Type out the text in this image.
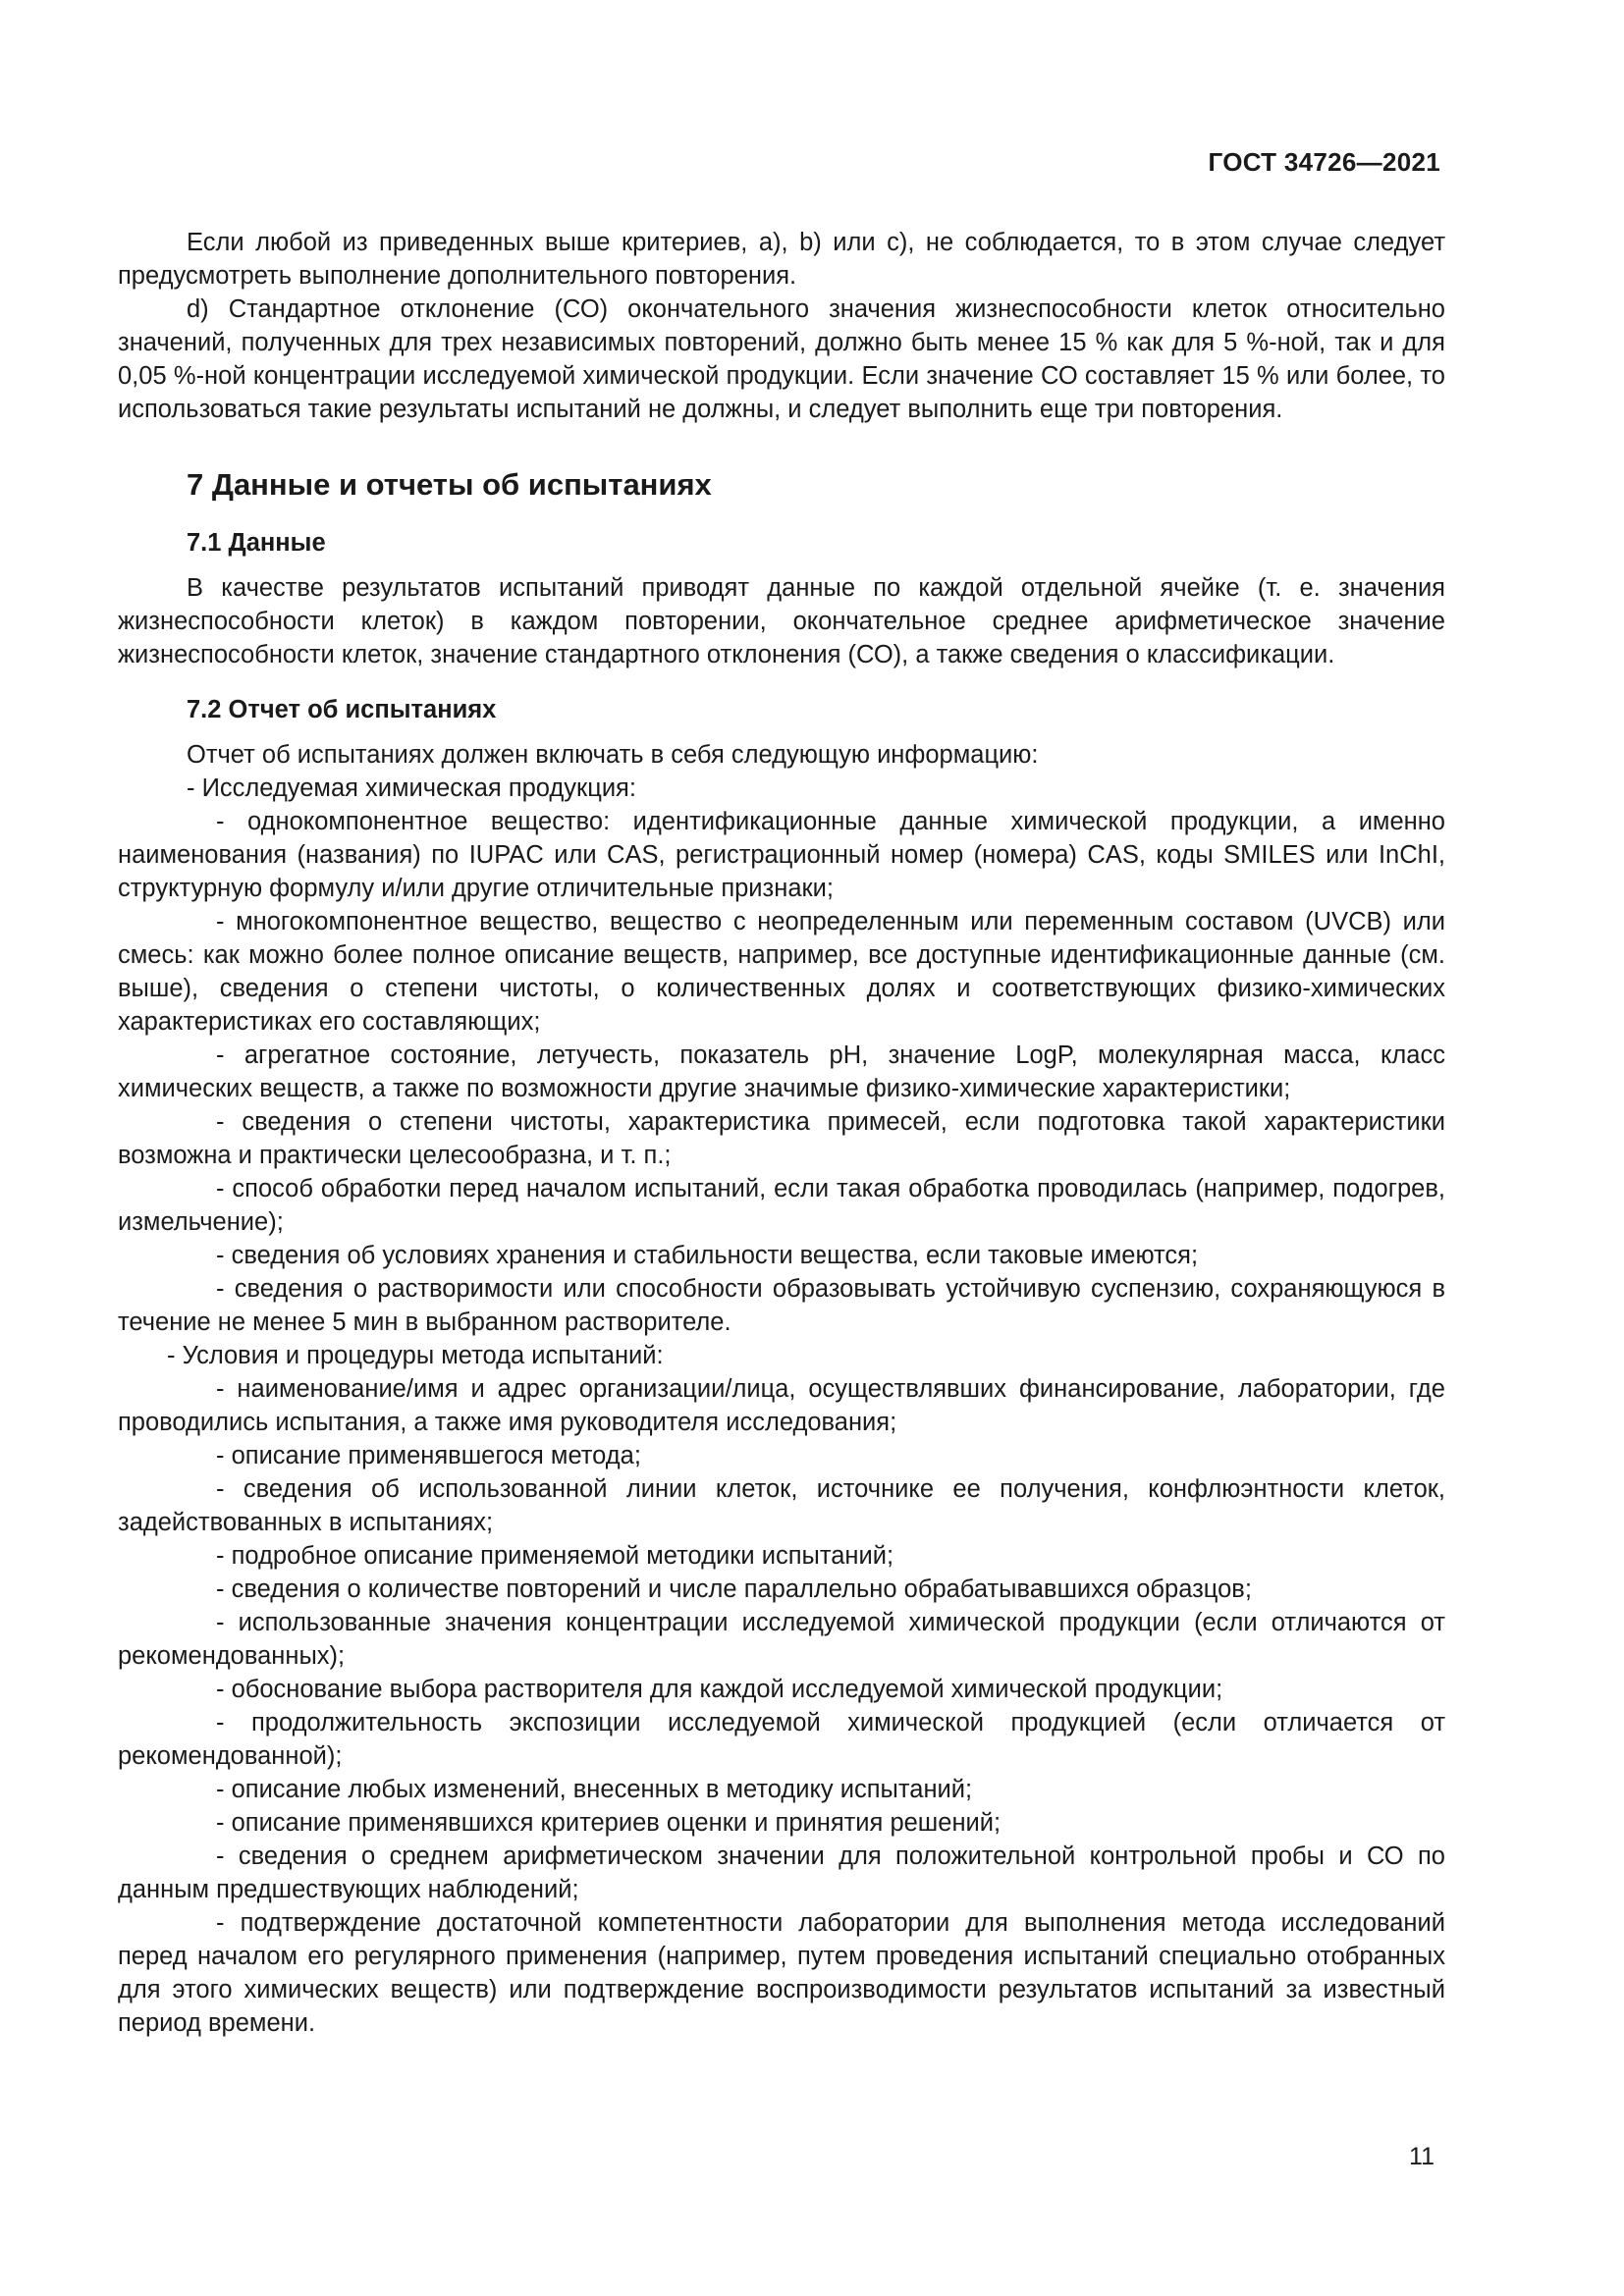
ГОСТ 34726—2021

Если любой из приведенных выше критериев, a), b) или c), не соблюдается, то в этом случае следует предусмотреть выполнение дополнительного повторения.

d) Стандартное отклонение (СО) окончательного значения жизнеспособности клеток относительно значений, полученных для трех независимых повторений, должно быть менее 15 % как для 5 %-ной, так и для 0,05 %-ной концентрации исследуемой химической продукции. Если значение СО составляет 15 % или более, то использоваться такие результаты испытаний не должны, и следует выполнить еще три повторения.

7 Данные и отчеты об испытаниях
7.1 Данные

В качестве результатов испытаний приводят данные по каждой отдельной ячейке (т. е. значения жизнеспособности клеток) в каждом повторении, окончательное среднее арифметическое значение жизнеспособности клеток, значение стандартного отклонения (СО), а также сведения о классификации.

7.2 Отчет об испытаниях

Отчет об испытаниях должен включать в себя следующую информацию:

- Исследуемая химическая продукция:

- однокомпонентное вещество: идентификационные данные химической продукции, а именно наименования (названия) по IUPAC или CAS, регистрационный номер (номера) CAS, коды SMILES или InChI, структурную формулу и/или другие отличительные признаки;

- многокомпонентное вещество, вещество с неопределенным или переменным составом (UVCB) или смесь: как можно более полное описание веществ, например, все доступные идентификационные данные (см. выше), сведения о степени чистоты, о количественных долях и соответствующих физико-химических характеристиках его составляющих;

- агрегатное состояние, летучесть, показатель pH, значение LogP, молекулярная масса, класс химических веществ, а также по возможности другие значимые физико-химические характеристики;

- сведения о степени чистоты, характеристика примесей, если подготовка такой характеристики возможна и практически целесообразна, и т. п.;

- способ обработки перед началом испытаний, если такая обработка проводилась (например, подогрев, измельчение);

- сведения об условиях хранения и стабильности вещества, если таковые имеются;

- сведения о растворимости или способности образовывать устойчивую суспензию, сохраняющуюся в течение не менее 5 мин в выбранном растворителе.

- Условия и процедуры метода испытаний:

- наименование/имя и адрес организации/лица, осуществлявших финансирование, лаборатории, где проводились испытания, а также имя руководителя исследования;

- описание применявшегося метода;

- сведения об использованной линии клеток, источнике ее получения, конфлюэнтности клеток, задействованных в испытаниях;

- подробное описание применяемой методики испытаний;

- сведения о количестве повторений и числе параллельно обрабатывавшихся образцов;

- использованные значения концентрации исследуемой химической продукции (если отличаются от рекомендованных);

- обоснование выбора растворителя для каждой исследуемой химической продукции;

- продолжительность экспозиции исследуемой химической продукцией (если отличается от рекомендованной);

- описание любых изменений, внесенных в методику испытаний;

- описание применявшихся критериев оценки и принятия решений;

- сведения о среднем арифметическом значении для положительной контрольной пробы и СО по данным предшествующих наблюдений;

- подтверждение достаточной компетентности лаборатории для выполнения метода исследований перед началом его регулярного применения (например, путем проведения испытаний специально отобранных для этого химических веществ) или подтверждение воспроизводимости результатов испытаний за известный период времени.

11
